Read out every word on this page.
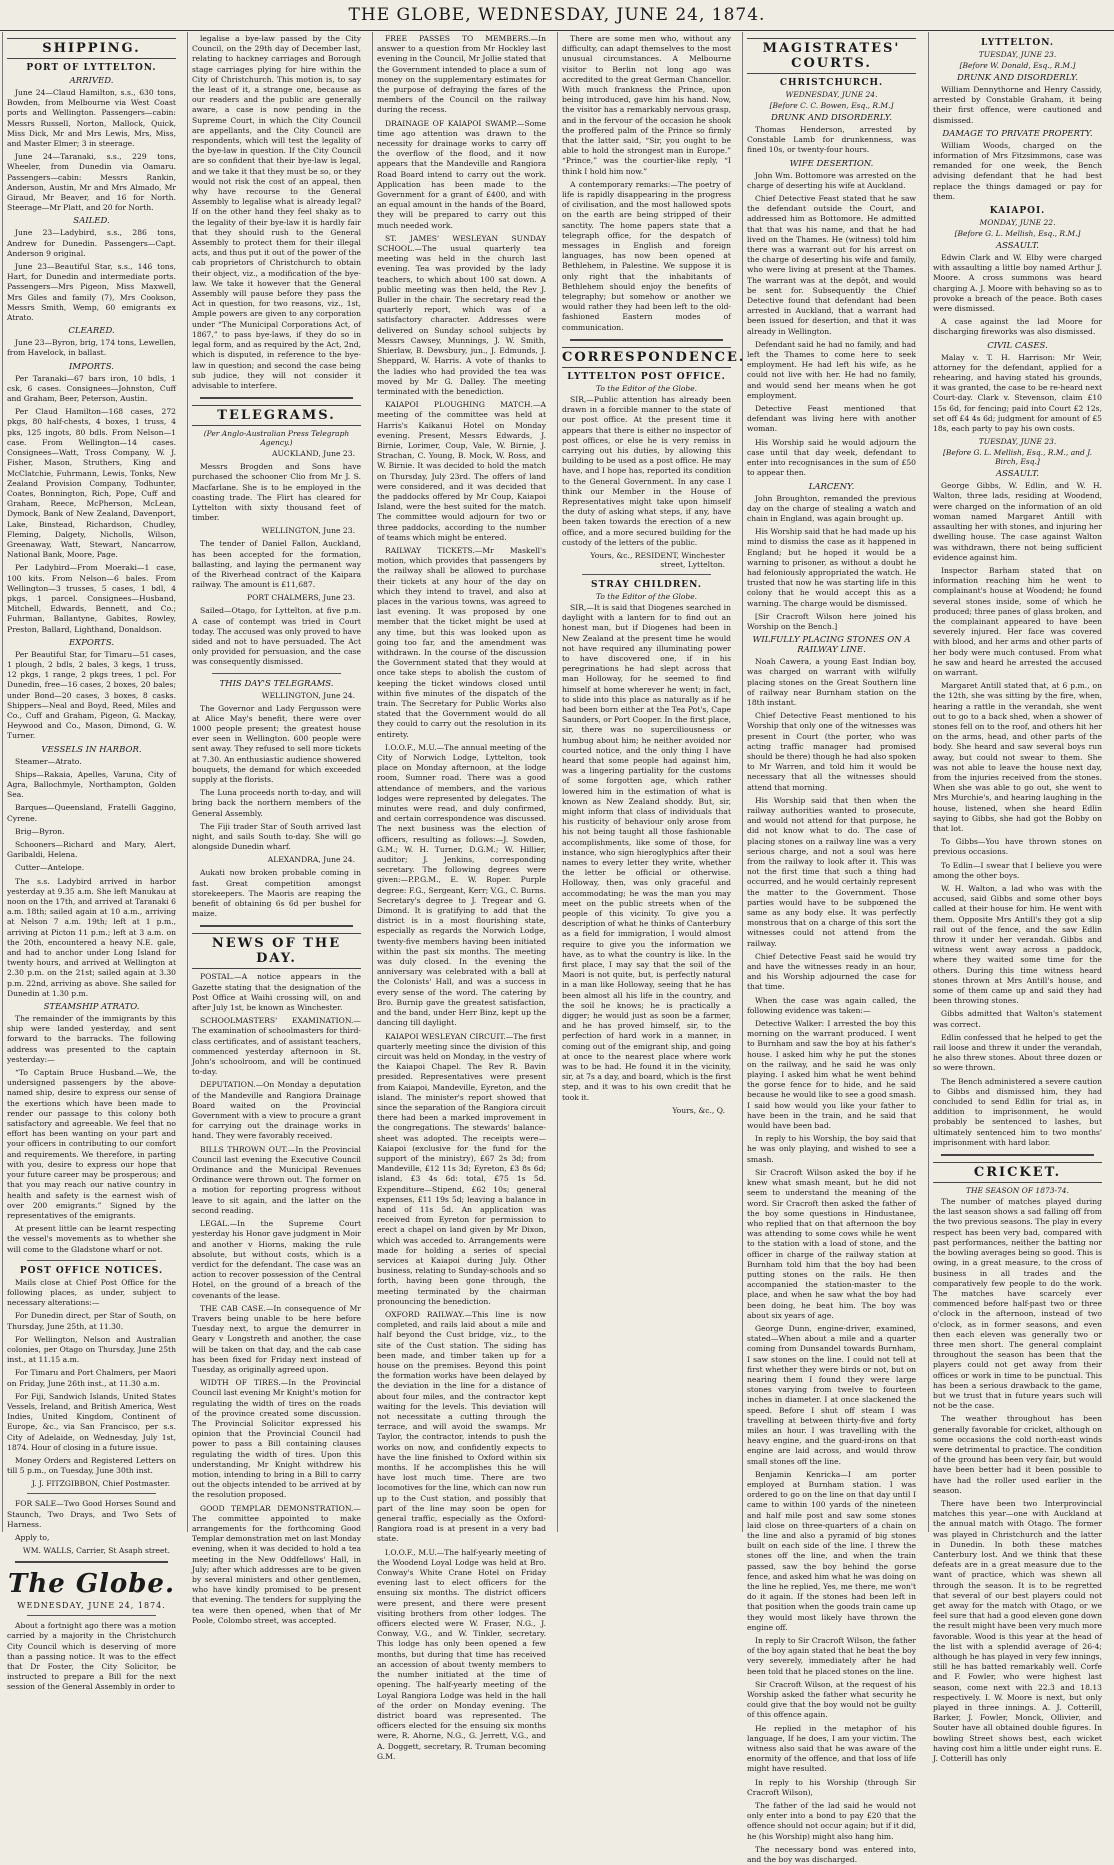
THE GLOBE, WEDNESDAY, JUNE 24, 1874.
SHIPPING.
PORT OF LYTTELTON.
ARRIVED.

June 24—Claud Hamilton, s.s., 630 tons, Bowden, from Melbourne via West Coast ports and Wellington. Passengers—cabin: Messrs Russell, Norton, Mallock, Quick, Miss Dick, Mr and Mrs Lewis, Mrs, Miss, and Master Elmer; 3 in steerage.

June 24—Taranaki, s.s., 229 tons, Wheeler, from Dunedin via Oamaru. Passengers—cabin: Messrs Rankin, Anderson, Austin, Mr and Mrs Almado, Mr Giraud, Mr Beaver, and 16 for North. Steerage—Mr Platt, and 20 for North.

SAILED.

June 23—Ladybird, s.s., 286 tons, Andrew for Dunedin. Passengers—Capt. Anderson 9 original.

June 23—Beautiful Star, s.s., 146 tons, Hart, for Dunedin and intermediate ports. Passengers—Mrs Pigeon, Miss Maxwell, Mrs Giles and family (7), Mrs Cookson, Messrs Smith, Wemp, 60 emigrants ex Atrato.

CLEARED.

June 23—Byron, brig, 174 tons, Lewellen, from Havelock, in ballast.

IMPORTS.

Per Taranaki—67 bars iron, 10 bdls, 1 csk, 6 cases. Consignees—Johnston, Cuff and Graham, Beer, Peterson, Austin.

Per Claud Hamilton—168 cases, 272 pkgs, 80 half-chests, 4 boxes, 1 truss, 4 pks, 125 ingots, 80 bdls. From Nelson—1 case. From Wellington—14 cases. Consignees—Watt, Tross Company, W. J. Fisher, Mason, Struthers, King and McClatchie, Fuhrmann, Lewis, Tonks, New Zealand Provision Company, Todhunter, Coates, Bonnington, Rich, Pope, Cuff and Graham, Reece, McPherson, McLean, Dymock, Bank of New Zealand, Davenport, Lake, Binstead, Richardson, Chudley, Fleming, Dalgety, Nicholls, Wilson, Greenaway, Watt, Stewart, Nancarrow, National Bank, Moore, Page.

Per Ladybird—From Moeraki—1 case, 100 kits. From Nelson—6 bales. From Wellington—3 trusses, 5 cases, 1 bdl, 4 pkgs, 1 parcel. Consignees—Husband, Mitchell, Edwards, Bennett, and Co.; Fuhrman, Ballantyne, Gabites, Rowley, Preston, Ballard, Lighthand, Donaldson.

EXPORTS.

Per Beautiful Star, for Timaru—51 cases, 1 plough, 2 bdls, 2 bales, 3 kegs, 1 truss, 12 pkgs, 1 range, 2 pkgs trees, 1 pcl. For Dunedin, free—16 cases, 2 boxes, 20 bales; under Bond—20 cases, 3 boxes, 8 casks. Shippers—Neal and Boyd, Reed, Miles and Co., Cuff and Graham, Pigeon, G. Mackay, Heywood and Co., Mason, Dimond, G. W. Turner.

VESSELS IN HARBOR.

Steamer—Atrato.

Ships—Rakaia, Apelles, Varuna, City of Agra, Ballochmyle, Northampton, Golden Sea.

Barques—Queensland, Fratelli Gaggino, Cyrene.

Brig—Byron.

Schooners—Richard and Mary, Alert, Garibaldi, Helena.

Cutter—Antelope.

The s.s. Ladybird arrived in harbor yesterday at 9.35 a.m. She left Manukau at noon on the 17th, and arrived at Taranaki 6 a.m. 18th; sailed again at 10 a.m., arriving at Nelson 7 a.m. 19th; left at 1 p.m., arriving at Picton 11 p.m.; left at 3 a.m. on the 20th, encountered a heavy N.E. gale, and had to anchor under Long Island for twenty hours, and arrived at Wellington at 2.30 p.m. on the 21st; sailed again at 3.30 p.m. 22nd, arriving as above. She sailed for Dunedin at 1.30 p.m.

STEAMSHIP ATRATO.

The remainder of the immigrants by this ship were landed yesterday, and sent forward to the barracks. The following address was presented to the captain yesterday:—

“To Captain Bruce Husband.—We, the undersigned passengers by the above-named ship, desire to express our sense of the exertions which have been made to render our passage to this colony both satisfactory and agreeable. We feel that no effort has been wanting on your part and your officers in contributing to our comfort and requirements. We therefore, in parting with you, desire to express our hope that your future career may be prosperous; and that you may reach our native country in health and safety is the earnest wish of over 200 emigrants.” Signed by the representatives of the emigrants.

At present little can be learnt respecting the vessel's movements as to whether she will come to the Gladstone wharf or not.

POST OFFICE NOTICES.

Mails close at Chief Post Office for the following places, as under, subject to necessary alterations:—

For Dunedin direct, per Star of South, on Thursday, June 25th, at 11.30.

For Wellington, Nelson and Australian colonies, per Otago on Thursday, June 25th inst., at 11.15 a.m.

For Timaru and Port Chalmers, per Maori on Friday, June 26th inst., at 11.30 a.m.

For Fiji, Sandwich Islands, United States Vessels, Ireland, and British America, West Indies, United Kingdom, Continent of Europe, &c., via San Francisco, per s.s. City of Adelaide, on Wednesday, July 1st, 1874. Hour of closing in a future issue.

Money Orders and Registered Letters on till 5 p.m., on Tuesday, June 30th inst.

J. J. FITZGIBBON, Chief Postmaster.

FOR SALE—Two Good Horses Sound and Staunch, Two Drays, and Two Sets of Harness.

Apply to,

WM. WALLS, Carrier, St Asaph street.
The Globe.
WEDNESDAY, JUNE 24, 1874.

About a fortnight ago there was a motion carried by a majority in the Christchurch City Council which is deserving of more than a passing notice. It was to the effect that Dr Foster, the City Solicitor, be instructed to prepare a Bill for the next session of the General Assembly in order to

legalise a bye-law passed by the City Council, on the 29th day of December last, relating to hackney carriages and Borough stage carriages plying for hire within the City of Christchurch. This motion is, to say the least of it, a strange one, because as our readers and the public are generally aware, a case is now pending in the Supreme Court, in which the City Council are appellants, and the City Council are respondents, which will test the legality of the bye-law in question. If the City Council are so confident that their bye-law is legal, and we take it that they must be so, or they would not risk the cost of an appeal, then why have recourse to the General Assembly to legalise what is already legal? If on the other hand they feel shaky as to the legality of their bye-law it is hardly fair that they should rush to the General Assembly to protect them for their illegal acts, and thus put it out of the power of the cab proprietors of Christchurch to obtain their object, viz., a modification of the bye-law. We take it however that the General Assembly will pause before they pass the Act in question, for two reasons, viz., 1st, Ample powers are given to any corporation under “The Municipal Corporations Act, of 1867,” to pass bye-laws, if they do so in legal form, and as required by the Act, 2nd, which is disputed, in reference to the bye-law in question; and second the case being sub judice, they will not consider it advisable to interfere.

TELEGRAMS.
(Per Anglo-Australian Press Telegraph Agency.)
AUCKLAND, June 23.

Messrs Brogden and Sons have purchased the schooner Clio from Mr J. S. Macfarlane. She is to be employed in the coasting trade. The Flirt has cleared for Lyttelton with sixty thousand feet of timber.

WELLINGTON, June 23.

The tender of Daniel Fallon, Auckland, has been accepted for the formation, ballasting, and laying the permanent way of the Riverhead contract of the Kaipara railway. The amount is £11,687.

PORT CHALMERS, June 23.

Sailed—Otago, for Lyttelton, at five p.m. A case of contempt was tried in Court today. The accused was only proved to have sided and not to have persuaded. The Act only provided for persuasion, and the case was consequently dismissed.

THIS DAY'S TELEGRAMS.
WELLINGTON, June 24.

The Governor and Lady Fergusson were at Alice May's benefit, there were over 1000 people present; the greatest house ever seen in Wellington. 600 people were sent away. They refused to sell more tickets at 7.30. An enthusiastic audience showered bouquets, the demand for which exceeded supply at the florists.

The Luna proceeds north to-day, and will bring back the northern members of the General Assembly.

The Fiji trader Star of South arrived last night, and sails South to-day. She will go alongside Dunedin wharf.

ALEXANDRA, June 24.

Aukati now broken probable coming in fast. Great competition amongst storekeepers. The Maoris are reaping the benefit of obtaining 6s 6d per bushel for maize.

NEWS OF THE DAY.

POSTAL.—A notice appears in the Gazette stating that the designation of the Post Office at Waihi crossing will, on and after July 1st, be known as Winchester.

SCHOOLMASTERS' EXAMINATION.—The examination of schoolmasters for third-class certificates, and of assistant teachers, commenced yesterday afternoon in St. John's schoolroom, and will be continued to-day.

DEPUTATION.—On Monday a deputation of the Mandeville and Rangiora Drainage Board waited on the Provincial Government with a view to procure a grant for carrying out the drainage works in hand. They were favorably received.

BILLS THROWN OUT.—In the Provincial Council last evening the Executive Council Ordinance and the Municipal Revenues Ordinance were thrown out. The former on a motion for reporting progress without leave to sit again, and the latter on the second reading.

LEGAL.—In the Supreme Court yesterday his Honor gave judgment in Moir and another v Hiorns, making the rule absolute, but without costs, which is a verdict for the defendant. The case was an action to recover possession of the Central Hotel, on the ground of a breach of the covenants of the lease.

THE CAB CASE.—In consequence of Mr Travers being unable to be here before Tuesday next, to argue the demurrer in Geary v Longstreth and another, the case will be taken on that day, and the cab case has been fixed for Friday next instead of Tuesday, as originally agreed upon.

WIDTH OF TIRES.—In the Provincial Council last evening Mr Knight's motion for regulating the width of tires on the roads of the province created some discussion. The Provincial Solicitor expressed his opinion that the Provincial Council had power to pass a Bill containing clauses regulating the width of tires. Upon this understanding, Mr Knight withdrew his motion, intending to bring in a Bill to carry out the objects intended to be arrived at by the resolution proposed.

GOOD TEMPLAR DEMONSTRATION.—The committee appointed to make arrangements for the forthcoming Good Templar demonstration met on last Monday evening, when it was decided to hold a tea meeting in the New Oddfellows' Hall, in July; after which addresses are to be given by several ministers and other gentlemen, who have kindly promised to be present that evening. The tenders for supplying the tea were then opened, when that of Mr Poole, Colombo street, was accepted.

FREE PASSES TO MEMBERS.—In answer to a question from Mr Hockley last evening in the Council, Mr Jollie stated that the Government intended to place a sum of money on the supplementary estimates for the purpose of defraying the fares of the members of the Council on the railway during the recess.

DRAINAGE OF KAIAPOI SWAMP.—Some time ago attention was drawn to the necessity for drainage works to carry off the overflow of the flood, and it now appears that the Mandeville and Rangiora Road Board intend to carry out the work. Application has been made to the Government for a grant of £400, and with an equal amount in the hands of the Board, they will be prepared to carry out this much needed work.

ST. JAMES' WESLEYAN SUNDAY SCHOOL.—The usual quarterly tea meeting was held in the church last evening. Tea was provided by the lady teachers, to which about 100 sat down. A public meeting was then held, the Rev J. Buller in the chair. The secretary read the quarterly report, which was of a satisfactory character. Addresses were delivered on Sunday school subjects by Messrs Cawsey, Munnings, J. W. Smith, Shierlaw, B. Dewsbury, jun., J. Edmunds, J. Sheppard, W. Harris. A vote of thanks to the ladies who had provided the tea was moved by Mr G. Dalley. The meeting terminated with the benediction.

KAIAPOI PLOUGHING MATCH.—A meeting of the committee was held at Harris's Kaikanui Hotel on Monday evening. Present, Messrs Edwards, J. Birnie, Lorimer, Coup, Vale, W. Birnie, J. Strachan, C. Young, B. Mock, W. Ross, and W. Birnie. It was decided to hold the match on Thursday, July 23rd. The offers of land were considered, and it was decided that the paddocks offered by Mr Coup, Kaiapoi Island, were the best suited for the match. The committee would adjourn for two or three paddocks, according to the number of teams which might be entered.

RAILWAY TICKETS.—Mr Maskell's motion, which provides that passengers by the railway shall be allowed to purchase their tickets at any hour of the day on which they intend to travel, and also at places in the various towns, was agreed to last evening. It was proposed by one member that the ticket might be used at any time, but this was looked upon as going too far, and the amendment was withdrawn. In the course of the discussion the Government stated that they would at once take steps to abolish the custom of keeping the ticket windows closed until within five minutes of the dispatch of the train. The Secretary for Public Works also stated that the Government would do all they could to carry out the resolution in its entirety.

I.O.O.F., M.U.—The annual meeting of the City of Norwich Lodge, Lyttelton, took place on Monday afternoon, at the lodge room, Sumner road. There was a good attendance of members, and the various lodges were represented by delegates. The minutes were read, and duly confirmed, and certain correspondence was discussed. The next business was the election of officers, resulting as follows:—J. Sowden, G.M.; W. H. Turner, D.G.M.; W. Hillier, auditor; J. Jenkins, corresponding secretary. The following degrees were given:—P.P.G.M., E. W. Roper. Purple degree: F.G., Sergeant, Kerr; V.G., C. Burns. Secretary's degree to J. Tregear and G. Dimond. It is gratifying to add that the district is in a most flourishing state, especially as regards the Norwich Lodge, twenty-five members having been initiated within the past six months. The meeting was duly closed. In the evening the anniversary was celebrated with a ball at the Colonists' Hall, and was a success in every sense of the word. The catering by Bro. Burnip gave the greatest satisfaction, and the band, under Herr Binz, kept up the dancing till daylight.

KAIAPOI WESLEYAN CIRCUIT.—The first quarterly meeting since the division of this circuit was held on Monday, in the vestry of the Kaiapoi Chapel. The Rev R. Bavin presided. Representatives were present from Kaiapoi, Mandeville, Eyreton, and the island. The minister's report showed that since the separation of the Rangiora circuit there had been a marked improvement in the congregations. The stewards' balance-sheet was adopted. The receipts were—Kaiapoi (exclusive for the fund for the support of the ministry), £67 2s 3d; from Mandeville, £12 11s 3d; Eyreton, £3 8s 6d; island, £3 4s 6d: total, £75 1s 5d. Expenditure—Stipend, £62 10s; general expenses, £11 19s 5d; leaving a balance in hand of 11s 5d. An application was received from Eyreton for permission to erect a chapel on land given by Mr Dixon, which was acceded to. Arrangements were made for holding a series of special services at Kaiapoi during July. Other business, relating to Sunday-schools and so forth, having been gone through, the meeting terminated by the chairman pronouncing the benediction.

OXFORD RAILWAY.—This line is now completed, and rails laid about a mile and half beyond the Cust bridge, viz., to the site of the Cust station. The siding has been made, and timber taken up for a house on the premises. Beyond this point the formation works have been delayed by the deviation in the line for a distance of about four miles, and the contractor kept waiting for the levels. This deviation will not necessitate a cutting through the terrace, and will avoid the swamps. Mr Taylor, the contractor, intends to push the works on now, and confidently expects to have the line finished to Oxford within six months. If he accomplishes this he will have lost much time. There are two locomotives for the line, which can now run up to the Cust station, and possibly that part of the line may soon be open for general traffic, especially as the Oxford-Rangiora road is at present in a very bad state.

I.O.O.F., M.U.—The half-yearly meeting of the Woodend Loyal Lodge was held at Bro. Conway's White Crane Hotel on Friday evening last to elect officers for the ensuing six months. The district officers were present, and there were present visiting brothers from other lodges. The officers elected were W. Fraser, N.G., J. Conway, V.G., and W. Tinkler, secretary. This lodge has only been opened a few months, but during that time has received an accession of about twenty members to the number initiated at the time of opening. The half-yearly meeting of the Loyal Rangiora Lodge was held in the hall of the order on Monday evening. The district board was represented. The officers elected for the ensuing six months were, R. Ahorne, N.G., G. Jerrett, V.G., and A. Doggett, secretary, R. Truman becoming G.M.

There are some men who, without any difficulty, can adapt themselves to the most unusual circumstances. A Melbourne visitor to Berlin not long ago was accredited to the great German Chancellor. With much frankness the Prince, upon being introduced, gave him his hand. Now, the visitor has a remarkably nervous grasp, and in the fervour of the occasion he shook the proffered palm of the Prince so firmly that the latter said, “Sir, you ought to be able to hold the strongest man in Europe.” “Prince,” was the courtier-like reply, “I think I hold him now.”

A contemporary remarks:—The poetry of life is rapidly disappearing in the progress of civilisation, and the most hallowed spots on the earth are being stripped of their sanctity. The home papers state that a telegraph office, for the despatch of messages in English and foreign languages, has now been opened at Bethlehem, in Palestine. We suppose it is only right that the inhabitants of Bethlehem should enjoy the benefits of telegraphy; but somehow or another we would rather they had been left to the old-fashioned Eastern modes of communication.

CORRESPONDENCE.
LYTTELTON POST OFFICE.
To the Editor of the Globe.

SIR,—Public attention has already been drawn in a forcible manner to the state of our post office. At the present time it appears that there is either no inspector of post offices, or else he is very remiss in carrying out his duties, by allowing this building to be used as a post office. He may have, and I hope has, reported its condition to the General Government. In any case I think our Member in the House of Representatives might take upon himself the duty of asking what steps, if any, have been taken towards the erection of a new office, and a more secured building for the custody of the letters of the public.

Yours, &c., RESIDENT, Winchester street, Lyttelton.
STRAY CHILDREN.
To the Editor of the Globe.

SIR,—It is said that Diogenes searched in daylight with a lantern for to find out an honest man, but if Diogenes had been in New Zealand at the present time he would not have required any illuminating power to have discovered one, if in his peregrinations he had slept across that man Holloway, for he seemed to find himself at home wherever he went; in fact, to slide into this place as naturally as if he had been born either at the Tea Pot's, Cape Saunders, or Port Cooper. In the first place, sir, there was no superciliousness or humbug about him; he neither avoided nor courted notice, and the only thing I have heard that some people had against him, was a lingering partiality for the customs of some forgotten age, which rather lowered him in the estimation of what is known as New Zealand shoddy. But, sir, might inform that class of individuals that his rusticity of behaviour only arose from his not being taught all those fashionable accomplishments, like some of those, for instance, who sign hieroglyphics after their names to every letter they write, whether the letter be official or otherwise. Holloway, then, was only graceful and accommodating; he was the man you may meet on the public streets when of the people of this vicinity. To give you a description of what he thinks of Canterbury as a field for immigration, I would almost require to give you the information we have, as to what the country is like. In the first place, I may say that the soil of the Maori is not quite, but, is perfectly natural in a man like Holloway, seeing that he has been almost all his life in the country, and the soil he knows; he is practically a digger; he would just as soon be a farmer, and he has proved himself, sir, to the perfection of hard work in a manner, in coming out of the emigrant ship, and going at once to the nearest place where work was to be had. He found it in the vicinity, sir, at 7s a day, and board, which is the first step, and it was to his own credit that he took it.

Yours, &c., Q.
MAGISTRATES' COURTS.
CHRISTCHURCH.
WEDNESDAY, JUNE 24.
[Before C. C. Bowen, Esq., R.M.]
DRUNK AND DISORDERLY.

Thomas Henderson, arrested by Constable Lamb for drunkenness, was fined 10s, or twenty-four hours.

WIFE DESERTION.

John Wm. Bottomore was arrested on the charge of deserting his wife at Auckland.

Chief Detective Feast stated that he saw the defendant outside the Court, and addressed him as Bottomore. He admitted that that was his name, and that he had lived on the Thames. He (witness) told him there was a warrant out for his arrest on the charge of deserting his wife and family, who were living at present at the Thames. The warrant was at the depôt, and would be sent for. Subsequently the Chief Detective found that defendant had been arrested in Auckland, that a warrant had been issued for desertion, and that it was already in Wellington.

Defendant said he had no family, and had left the Thames to come here to seek employment. He had left his wife, as he could not live with her. He had no family, and would send her means when he got employment.

Detective Feast mentioned that defendant was living here with another woman.

His Worship said he would adjourn the case until that day week, defendant to enter into recognisances in the sum of £50 to appear then.

LARCENY.

John Broughton, remanded the previous day on the charge of stealing a watch and chain in England, was again brought up.

His Worship said that he had made up his mind to dismiss the case as it happened in England; but he hoped it would be a warning to prisoner, as without a doubt he had feloniously appropriated the watch. He trusted that now he was starting life in this colony that he would accept this as a warning. The charge would be dismissed.

[Sir Cracroft Wilson here joined his Worship on the Bench.]

WILFULLY PLACING STONES ON A RAILWAY LINE.

Noah Cawera, a young East Indian boy, was charged on warrant with wilfully placing stones on the Great Southern line of railway near Burnham station on the 18th instant.

Chief Detective Feast mentioned to his Worship that only one of the witnesses was present in Court (the porter, who was acting traffic manager had promised should be there) though he had also spoken to Mr Warren, and told him it would be necessary that all the witnesses should attend that morning.

His Worship said that then when the railway authorities wanted to prosecute, and would not attend for that purpose, he did not know what to do. The case of placing stones on a railway line was a very serious charge, and not a soul was here from the railway to look after it. This was not the first time that such a thing had occurred, and he would certainly represent the matter to the Government. Those parties would have to be subpœned the same as any body else. It was perfectly monstrous that on a charge of this sort the witnesses could not attend from the railway.

Chief Detective Feast said he would try and have the witnesses ready in an hour, and his Worship adjourned the case for that time.

When the case was again called, the following evidence was taken:—

Detective Walker: I arrested the boy this morning on the warrant produced. I went to Burnham and saw the boy at his father's house. I asked him why he put the stones on the railway, and he said he was only playing. I asked him what he went behind the gorse fence for to hide, and he said because he would like to see a good smash. I said how would you like your father to have been in the train, and he said that would have been bad.

In reply to his Worship, the boy said that he was only playing, and wished to see a smash.

Sir Cracroft Wilson asked the boy if he knew what smash meant, but he did not seem to understand the meaning of the word. Sir Cracroft then asked the father of the boy some questions in Hindustanee, who replied that on that afternoon the boy was attending to some cows while he went to the station with a load of stone, and the officer in charge of the railway station at Burnham told him that the boy had been putting stones on the rails. He then accompanied the station-master to the place, and when he saw what the boy had been doing, he beat him. The boy was about six years of age.

George Dunn, engine-driver, examined, stated—When about a mile and a quarter coming from Dunsandel towards Burnham, I saw stones on the line. I could not tell at first whether they were birds or not, but on nearing them I found they were large stones varying from twelve to fourteen inches in diameter. I at once slackened the speed. Before I shut off steam I was travelling at between thirty-five and forty miles an hour. I was travelling with the heavy engine, and the guard-irons on that engine are laid across, and would throw small stones off the line.

Benjamin Kenricka—I am porter employed at Burnham station. I was ordered to go on the line on that day until I came to within 100 yards of the nineteen and half mile post and saw some stones laid close on three-quarters of a chain on the line and also a pyramid of big stones built on each side of the line. I threw the stones off the line, and when the train passed, saw the boy behind the gorse fence, and asked him what he was doing on the line he replied, Yes, me there, me won't do it again. If the stones had been left in that position when the goods train came up they would most likely have thrown the engine off.

In reply to Sir Cracroft Wilson, the father of the boy again stated that he beat the boy very severely, immediately after he had been told that he placed stones on the line.

Sir Cracroft Wilson, at the request of his Worship asked the father what security he could give that the boy would not be guilty of this offence again.

He replied in the metaphor of his language, If he does, I am your victim. The witness also said that he was aware of the enormity of the offence, and that loss of life might have resulted.

In reply to his Worship (through Sir Cracroft Wilson),

The father of the lad said he would not only enter into a bond to pay £20 that the offence should not occur again; but if it did, he (his Worship) might also hang him.

The necessary bond was entered into, and the boy was discharged.

LYTTELTON.
TUESDAY, JUNE 23.
[Before W. Donald, Esq., R.M.]
DRUNK AND DISORDERLY.

William Dennythorne and Henry Cassidy, arrested by Constable Graham, it being their first offence, were cautioned and dismissed.

DAMAGE TO PRIVATE PROPERTY.

William Woods, charged on the information of Mrs Fitzsimmons, case was remanded for one week, the Bench advising defendant that he had best replace the things damaged or pay for them.

KAIAPOI.
MONDAY, JUNE 22.
[Before G. L. Mellish, Esq., R.M.]
ASSAULT.

Edwin Clark and W. Elby were charged with assaulting a little boy named Arthur J. Moore. A cross summons was heard charging A. J. Moore with behaving so as to provoke a breach of the peace. Both cases were dismissed.

A case against the lad Moore for discharging fireworks was also dismissed.

CIVIL CASES.

Malay v. T. H. Harrison: Mr Weir, attorney for the defendant, applied for a rehearing, and having stated his grounds, it was granted, the case to be re-heard next Court-day. Clark v. Stevenson, claim £10 15s 6d, for fencing; paid into Court £2 12s, set off £4 4s 6d; judgment for amount of £5 18s, each party to pay his own costs.

TUESDAY, JUNE 23.
[Before G. L. Mellish, Esq., R.M., and J. Birch, Esq.]
ASSAULT.

George Gibbs, W. Edlin, and W. H. Walton, three lads, residing at Woodend, were charged on the information of an old woman named Margaret Antill with assaulting her with stones, and injuring her dwelling house. The case against Walton was withdrawn, there not being sufficient evidence against him.

Inspector Barham stated that on information reaching him he went to complainant's house at Woodend; he found several stones inside, some of which he produced; three panes of glass broken, and the complainant appeared to have been severely injured. Her face was covered with blood, and her arms and other parts of her body were much contused. From what he saw and heard he arrested the accused on warrant.

Margaret Antill stated that, at 6 p.m., on the 12th, she was sitting by the fire, when, hearing a rattle in the verandah, she went out to go to a back shed, when a shower of stones fell on to the roof, and others hit her on the arms, head, and other parts of the body. She heard and saw several boys run away, but could not swear to them. She was not able to leave the house next day, from the injuries received from the stones. When she was able to go out, she went to Mrs Murchie's, and hearing laughing in the house, listened, when she heard Edlin saying to Gibbs, she had got the Bobby on that lot.

To Gibbs—You have thrown stones on previous occasions.

To Edlin—I swear that I believe you were among the other boys.

W. H. Walton, a lad who was with the accused, said Gibbs and some other boys called at their house for him. He went with them. Opposite Mrs Antill's they got a slip rail out of the fence, and the saw Edlin throw it under her verandah. Gibbs and witness went away across a paddock, where they waited some time for the others. During this time witness heard stones thrown at Mrs Antill's house, and some of them came up and said they had been throwing stones.

Gibbs admitted that Walton's statement was correct.

Edlin confessed that he helped to get the rail loose and threw it under the verandah, he also threw stones. About three dozen or so were thrown.

The Bench administered a severe caution to Gibbs and dismissed him, they had concluded to send Edlin for trial as, in addition to imprisonment, he would probably be sentenced to lashes, but ultimately sentenced him to two months' imprisonment with hard labor.

CRICKET.
THE SEASON OF 1873-74.

The number of matches played during the last season shows a sad falling off from the two previous seasons. The play in every respect has been very bad, compared with past performances, neither the batting nor the bowling averages being so good. This is owing, in a great measure, to the cross of business in all trades and the comparatively few people to do the work. The matches have scarcely ever commenced before half-past two or three o'clock in the afternoon, instead of two o'clock, as in former seasons, and even then each eleven was generally two or three men short. The general complaint throughout the season has been that the players could not get away from their offices or work in time to be punctual. This has been a serious drawback to the game, but we trust that in future years such will not be the case.

The weather throughout has been generally favorable for cricket, although on some occasions the cold north-east winds were detrimental to practice. The condition of the ground has been very fair, but would have been better had it been possible to have had the roller used earlier in the season.

There have been two Interprovincial matches this year—one with Auckland at the annual match with Otago. The former was played in Christchurch and the latter in Dunedin. In both these matches Canterbury lost. And we think that these defeats are in a great measure due to the want of practice, which was shewn all through the season. It is to be regretted that several of our best players could not get away for the match with Otago, or we feel sure that had a good eleven gone down the result might have been very much more favorable. Wood is this year at the head of the list with a splendid average of 26-4; although he has played in very few innings, still he has batted remarkably well. Corfe and F. Fowler, who were highest last season, come next with 22.3 and 18.13 respectively. I. W. Moore is next, but only played in three innings. A. J. Cotterill, Barker, J. Fowler, Monck, Ollivier, and Souter have all obtained double figures. In bowling Street shows best, each wicket having cost him a little under eight runs. E. J. Cotterill has only
